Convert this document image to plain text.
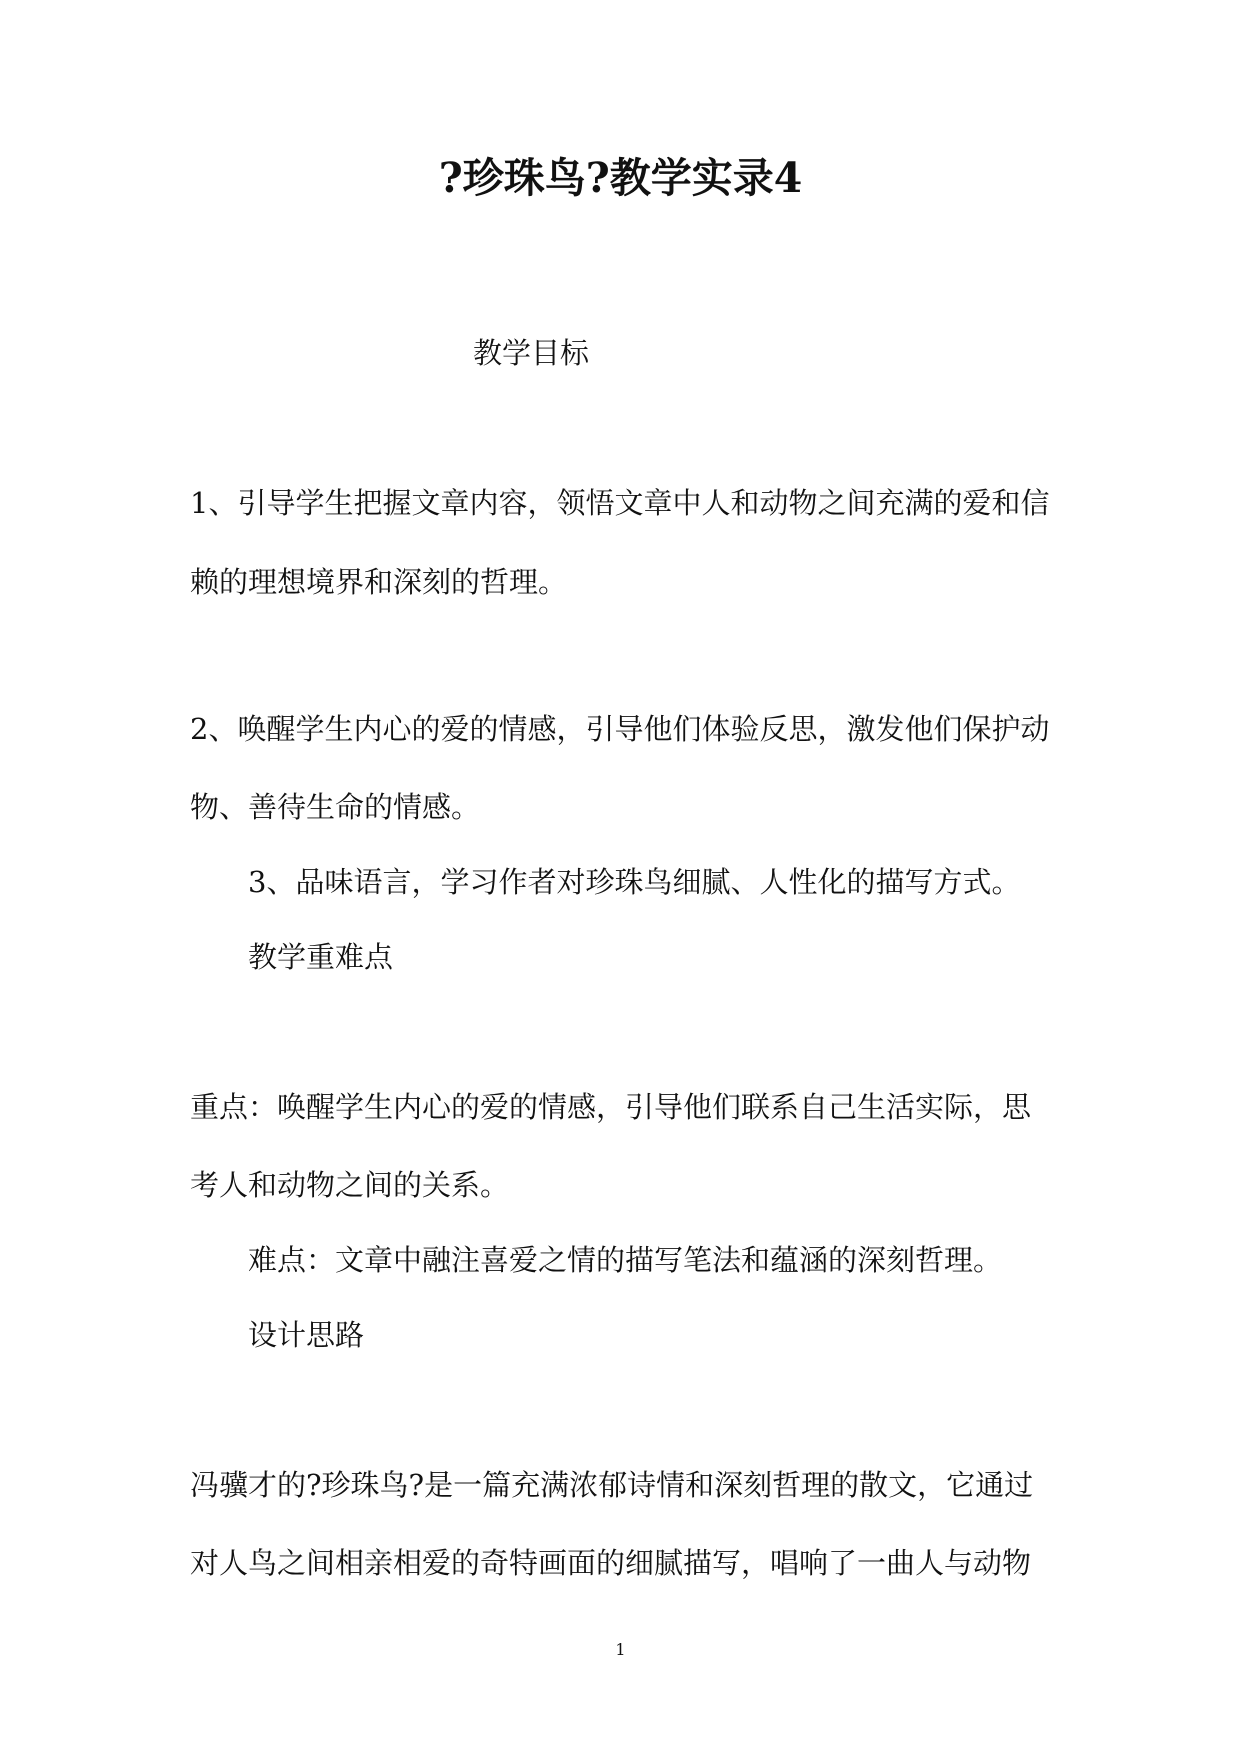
?珍珠鸟?教学实录4
教学目标
1、引导学生把握文章内容，领悟文章中人和动物之间充满的爱和信
赖的理想境界和深刻的哲理。
2、唤醒学生内心的爱的情感，引导他们体验反思，激发他们保护动
物、善待生命的情感。
3、品味语言，学习作者对珍珠鸟细腻、人性化的描写方式。
教学重难点
重点：唤醒学生内心的爱的情感，引导他们联系自己生活实际，思
考人和动物之间的关系。
难点：文章中融注喜爱之情的描写笔法和蕴涵的深刻哲理。
设计思路
冯骥才的?珍珠鸟?是一篇充满浓郁诗情和深刻哲理的散文，它通过
对人鸟之间相亲相爱的奇特画面的细腻描写，唱响了一曲人与动物
1
